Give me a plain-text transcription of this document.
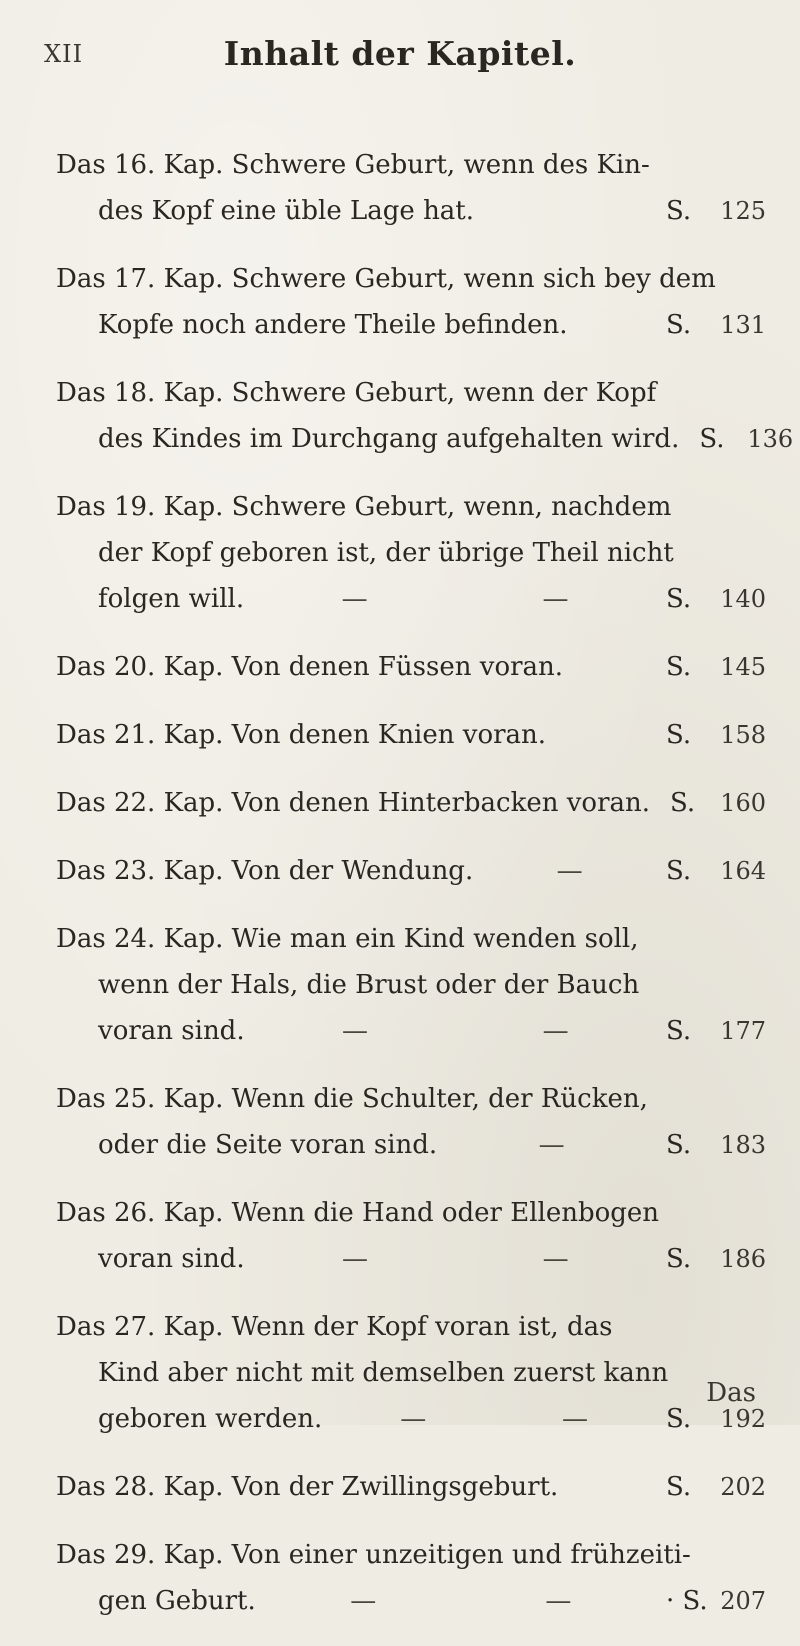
XII	Inhalt der Kapitel.
Das 16. Kap. Schwere Geburt, wenn des Kin-
des Kopf eine üble Lage hat.	S.	125
Das 17. Kap. Schwere Geburt, wenn sich bey dem
Kopfe noch andere Theile befinden.	S.	131
Das 18. Kap. Schwere Geburt, wenn der Kopf
des Kindes im Durchgang aufgehalten wird. S. 136
Das 19. Kap. Schwere Geburt, wenn, nachdem
der Kopf geboren ist, der übrige Theil nicht
folgen will.	—	—	S.	140
Das 20. Kap. Von denen Füssen voran.	S.	145
Das 21. Kap. Von denen Knien voran.	S.	158
Das 22. Kap. Von denen Hinterbacken voran. S.	160
Das 23. Kap. Von der Wendung.	—	S.	164
Das 24. Kap. Wie man ein Kind wenden soll,
wenn der Hals, die Brust oder der Bauch
voran sind.	—	—	S.	177
Das 25. Kap. Wenn die Schulter, der Rücken,
oder die Seite voran sind.	—	S.	183
Das 26. Kap. Wenn die Hand oder Ellenbogen
voran sind.	—	—	S.	186
Das 27. Kap. Wenn der Kopf voran ist, das
Kind aber nicht mit demselben zuerst kann
geboren werden.	—	—	S.	192
Das 28. Kap. Von der Zwillingsgeburt.	S.	202
Das 29. Kap. Von einer unzeitigen und frühzeiti-
gen Geburt.	—	—	· S. 207
Das
